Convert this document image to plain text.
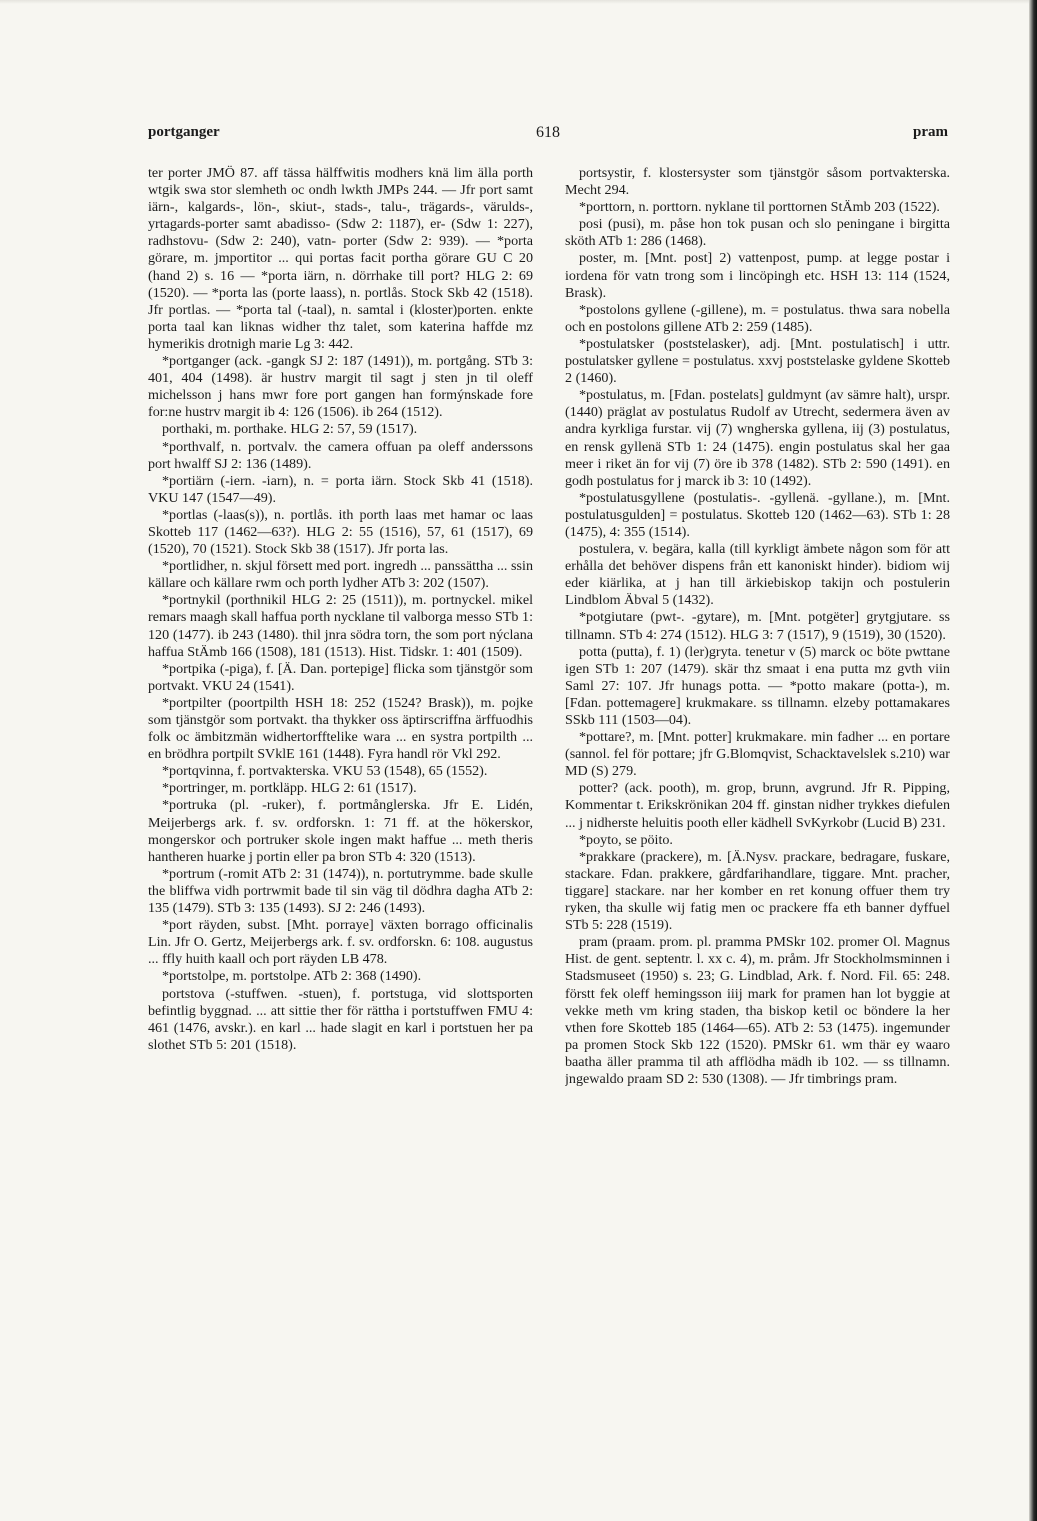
618
portganger	pram

ter porter JMÖ 87. aff tässa hälffwitis modhers knä lim älla porth wtgik swa stor slemheth oc ondh lwkth JMPs 244. — Jfr port samt iärn-, kalgards-, lön-, skiut-, stads-, talu-, trägards-, värulds-, yrtagards-porter samt abadisso- (Sdw 2: 1187), er- (Sdw 1: 227), radhstovu- (Sdw 2: 240), vatn- porter (Sdw 2: 939). — *porta görare, m. jmportitor ... qui portas facit portha görare GU C 20 (hand 2) s. 16 — *porta iärn, n. dörrhake till port? HLG 2: 69 (1520). — *porta las (porte laass), n. portlås. Stock Skb 42 (1518). Jfr portlas. — *porta tal (-taal), n. samtal i (kloster)porten. enkte porta taal kan liknas widher thz talet, som katerina haffde mz hymerikis drotnigh marie Lg 3: 442.

*portganger (ack. -gangk SJ 2: 187 (1491)), m. portgång. STb 3: 401, 404 (1498). är hustrv margit til sagt j sten jn til oleff michelsson j hans mwr fore port gangen han formýnskade fore for:ne hustrv margit ib 4: 126 (1506). ib 264 (1512).

porthaki, m. porthake. HLG 2: 57, 59 (1517).

*porthvalf, n. portvalv. the camera offuan pa oleff anderssons port hwalff SJ 2: 136 (1489).

*portiärn (-iern. -iarn), n. = porta iärn. Stock Skb 41 (1518). VKU 147 (1547—49).

*portlas (-laas(s)), n. portlås. ith porth laas met hamar oc laas Skotteb 117 (1462—63?). HLG 2: 55 (1516), 57, 61 (1517), 69 (1520), 70 (1521). Stock Skb 38 (1517). Jfr porta las.

*portlidher, n. skjul försett med port. ingredh ... panssättha ... ssin källare och källare rwm och porth lydher ATb 3: 202 (1507).

*portnykil (porthnikil HLG 2: 25 (1511)), m. portnyckel. mikel remars maagh skall haffua porth nycklane til valborga messo STb 1: 120 (1477). ib 243 (1480). thil jnra södra torn, the som port nýclana haffua StÄmb 166 (1508), 181 (1513). Hist. Tidskr. 1: 401 (1509).

*portpika (-piga), f. [Ä. Dan. portepige] flicka som tjänstgör som portvakt. VKU 24 (1541).

*portpilter (poortpilth HSH 18: 252 (1524? Brask)), m. pojke som tjänstgör som portvakt. tha thykker oss äptirscriffna ärffuodhis folk oc ämbitzmän widhertorfftelike wara ... en systra portpilth ... en brödhra portpilt SVklE 161 (1448). Fyra handl rör Vkl 292.

*portqvinna, f. portvakterska. VKU 53 (1548), 65 (1552).

*portringer, m. portkläpp. HLG 2: 61 (1517).

*portruka (pl. -ruker), f. portmånglerska. Jfr E. Lidén, Meijerbergs ark. f. sv. ordforskn. 1: 71 ff. at the hökerskor, mongerskor och portruker skole ingen makt haffue ... meth theris hantheren huarke j portin eller pa bron STb 4: 320 (1513).

*portrum (-romit ATb 2: 31 (1474)), n. portutrymme. bade skulle the bliffwa vidh portrwmit bade til sin väg til dödhra dagha ATb 2: 135 (1479). STb 3: 135 (1493). SJ 2: 246 (1493).

*port räyden, subst. [Mht. porraye] växten borrago officinalis Lin. Jfr O. Gertz, Meijerbergs ark. f. sv. ordforskn. 6: 108. augustus ... ffly huith kaall och port räyden LB 478.

*portstolpe, m. portstolpe. ATb 2: 368 (1490).

portstova (-stuffwen. -stuen), f. portstuga, vid slottsporten befintlig byggnad. ... att sittie ther för rättha i portstuffwen FMU 4: 461 (1476, avskr.). en karl ... hade slagit en karl i portstuen her pa slothet STb 5: 201 (1518).

portsystir, f. klostersyster som tjänstgör såsom portvakterska. Mecht 294.

*porttorn, n. porttorn. nyklane til porttornen StÄmb 203 (1522).

posi (pusi), m. påse hon tok pusan och slo peningane i birgitta sköth ATb 1: 286 (1468).

poster, m. [Mnt. post] 2) vattenpost, pump. at legge postar i iordena för vatn trong som i lincöpingh etc. HSH 13: 114 (1524, Brask).

*postolons gyllene (-gillene), m. = postulatus. thwa sara nobella och en postolons gillene ATb 2: 259 (1485).

*postulatsker (poststelasker), adj. [Mnt. postulatisch] i uttr. postulatsker gyllene = postulatus. xxvj poststelaske gyldene Skotteb 2 (1460).

*postulatus, m. [Fdan. postelats] guldmynt (av sämre halt), urspr. (1440) präglat av postulatus Rudolf av Utrecht, sedermera även av andra kyrkliga furstar. vij (7) wngherska gyllena, iij (3) postulatus, en rensk gyllenä STb 1: 24 (1475). engin postulatus skal her gaa meer i riket än for vij (7) öre ib 378 (1482). STb 2: 590 (1491). en godh postulatus for j marck ib 3: 10 (1492).

*postulatusgyllene (postulatis-. -gyllenä. -gyllane.), m. [Mnt. postulatusgulden] = postulatus. Skotteb 120 (1462—63). STb 1: 28 (1475), 4: 355 (1514).

postulera, v. begära, kalla (till kyrkligt ämbete någon som för att erhålla det behöver dispens från ett kanoniskt hinder). bidiom wij eder kiärlika, at j han till ärkiebiskop takijn och postulerin Lindblom Äbval 5 (1432).

*potgiutare (pwt-. -gytare), m. [Mnt. potgëter] grytgjutare. ss tillnamn. STb 4: 274 (1512). HLG 3: 7 (1517), 9 (1519), 30 (1520).

potta (putta), f. 1) (ler)gryta. tenetur v (5) marck oc böte pwttane igen STb 1: 207 (1479). skär thz smaat i ena putta mz gvth viin Saml 27: 107. Jfr hunags potta. — *potto makare (potta-), m. [Fdan. pottemagere] krukmakare. ss tillnamn. elzeby pottamakares SSkb 111 (1503—04).

*pottare?, m. [Mnt. potter] krukmakare. min fadher ... en portare (sannol. fel för pottare; jfr G.Blomqvist, Schacktavelslek s.210) war MD (S) 279.

potter? (ack. pooth), m. grop, brunn, avgrund. Jfr R. Pipping, Kommentar t. Erikskrönikan 204 ff. ginstan nidher trykkes diefulen ... j nidherste heluitis pooth eller kädhell SvKyrkobr (Lucid B) 231.

*poyto, se pöito.

*prakkare (prackere), m. [Ä.Nysv. prackare, bedragare, fuskare, stackare. Fdan. prakkere, gårdfarihandlare, tiggare. Mnt. pracher, tiggare] stackare. nar her komber en ret konung offuer them try ryken, tha skulle wij fatig men oc prackere ffa eth banner dyffuel STb 5: 228 (1519).

pram (praam. prom. pl. pramma PMSkr 102. promer Ol. Magnus Hist. de gent. septentr. l. xx c. 4), m. pråm. Jfr Stockholmsminnen i Stadsmuseet (1950) s. 23; G. Lindblad, Ark. f. Nord. Fil. 65: 248. förstt fek oleff hemingsson iiij mark for pramen han lot byggie at vekke meth vm kring staden, tha biskop ketil oc böndere la her vthen fore Skotteb 185 (1464—65). ATb 2: 53 (1475). ingemunder pa promen Stock Skb 122 (1520). PMSkr 61. wm thär ey waaro baatha äller pramma til ath afflödha mädh ib 102. — ss tillnamn. jngewaldo praam SD 2: 530 (1308). — Jfr timbrings pram.
